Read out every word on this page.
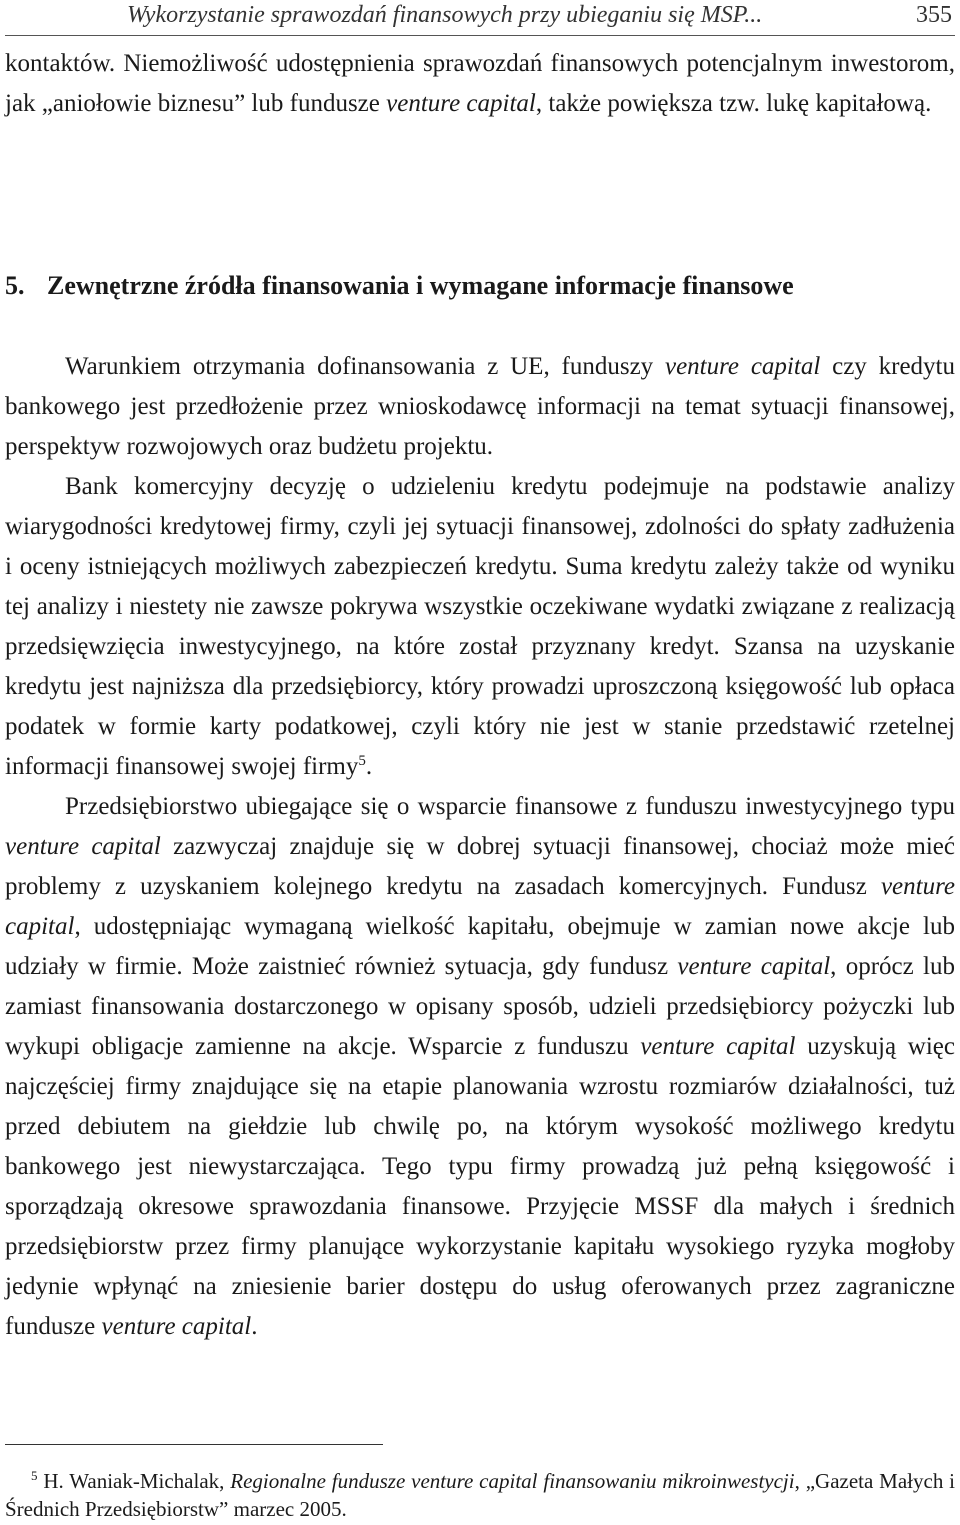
Wykorzystanie sprawozdań finansowych przy ubieganiu się MSP...	355

kontaktów. Niemożliwość udostępnienia sprawozdań finansowych potencjalnym inwestorom, jak „aniołowie biznesu” lub fundusze venture capital, także powiększa tzw. lukę kapitałową.

5. Zewnętrzne źródła finansowania i wymagane informacje finansowe

Warunkiem otrzymania dofinansowania z UE, funduszy venture capital czy kredytu bankowego jest przedłożenie przez wnioskodawcę informacji na temat sytuacji finansowej, perspektyw rozwojowych oraz budżetu projektu.

Bank komercyjny decyzję o udzieleniu kredytu podejmuje na podstawie analizy wiarygodności kredytowej firmy, czyli jej sytuacji finansowej, zdolności do spłaty zadłużenia i oceny istniejących możliwych zabezpieczeń kredytu. Suma kredytu zależy także od wyniku tej analizy i niestety nie zawsze pokrywa wszystkie oczekiwane wydatki związane z realizacją przedsięwzięcia inwestycyjnego, na które został przyznany kredyt. Szansa na uzyskanie kredytu jest najniższa dla przedsiębiorcy, który prowadzi uproszczoną księgowość lub opłaca podatek w formie karty podatkowej, czyli który nie jest w stanie przedstawić rzetelnej informacji finansowej swojej firmy$^5$.

Przedsiębiorstwo ubiegające się o wsparcie finansowe z funduszu inwestycyjnego typu venture capital zazwyczaj znajduje się w dobrej sytuacji finansowej, chociaż może mieć problemy z uzyskaniem kolejnego kredytu na zasadach komercyjnych. Fundusz venture capital, udostępniając wymaganą wielkość kapitału, obejmuje w zamian nowe akcje lub udziały w firmie. Może zaistnieć również sytuacja, gdy fundusz venture capital, oprócz lub zamiast finansowania dostarczonego w opisany sposób, udzieli przedsiębiorcy pożyczki lub wykupi obligacje zamienne na akcje. Wsparcie z funduszu venture capital uzyskują więc najczęściej firmy znajdujące się na etapie planowania wzrostu rozmiarów działalności, tuż przed debiutem na giełdzie lub chwilę po, na którym wysokość możliwego kredytu bankowego jest niewystarczająca. Tego typu firmy prowadzą już pełną księgowość i sporządzają okresowe sprawozdania finansowe. Przyjęcie MSSF dla małych i średnich przedsiębiorstw przez firmy planujące wykorzystanie kapitału wysokiego ryzyka mogłoby jedynie wpłynąć na zniesienie barier dostępu do usług oferowanych przez zagraniczne fundusze venture capital.

$^5$ H. Waniak-Michalak, Regionalne fundusze venture capital finansowaniu mikroinwestycji, „Gazeta Małych i Średnich Przedsiębiorstw” marzec 2005.
